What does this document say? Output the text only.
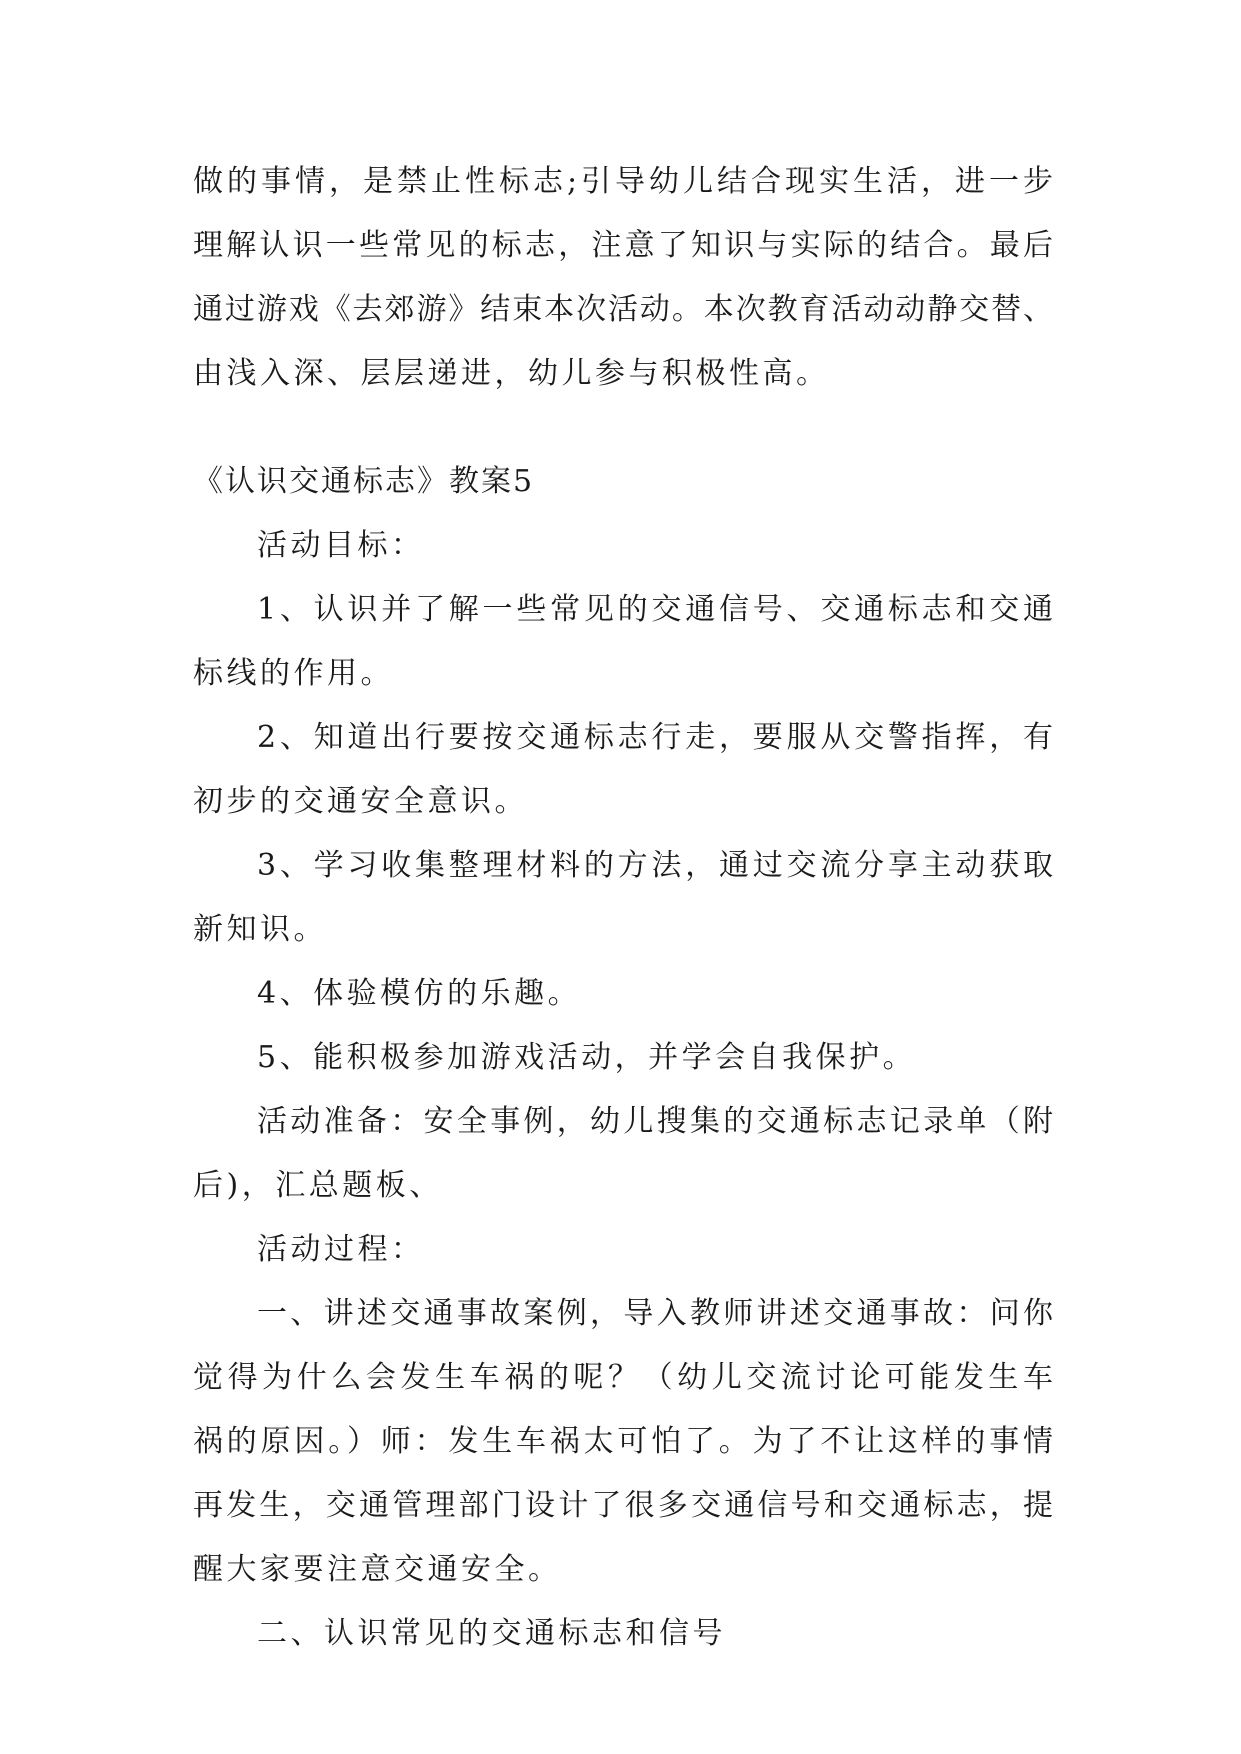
做的事情，是禁止性标志;引导幼儿结合现实生活，进一步
理解认识一些常见的标志，注意了知识与实际的结合。最后
通过游戏《去郊游》结束本次活动。本次教育活动动静交替、
由浅入深、层层递进，幼儿参与积极性高。
《认识交通标志》教案5
活动目标：
1、认识并了解一些常见的交通信号、交通标志和交通
标线的作用。
2、知道出行要按交通标志行走，要服从交警指挥，有
初步的交通安全意识。
3、学习收集整理材料的方法，通过交流分享主动获取
新知识。
4、体验模仿的乐趣。
5、能积极参加游戏活动，并学会自我保护。
活动准备：安全事例，幼儿搜集的交通标志记录单（附
后)，汇总题板、
活动过程：
一、讲述交通事故案例，导入教师讲述交通事故：问你
觉得为什么会发生车祸的呢？（幼儿交流讨论可能发生车
祸的原因。）师：发生车祸太可怕了。为了不让这样的事情
再发生，交通管理部门设计了很多交通信号和交通标志，提
醒大家要注意交通安全。
二、认识常见的交通标志和信号
